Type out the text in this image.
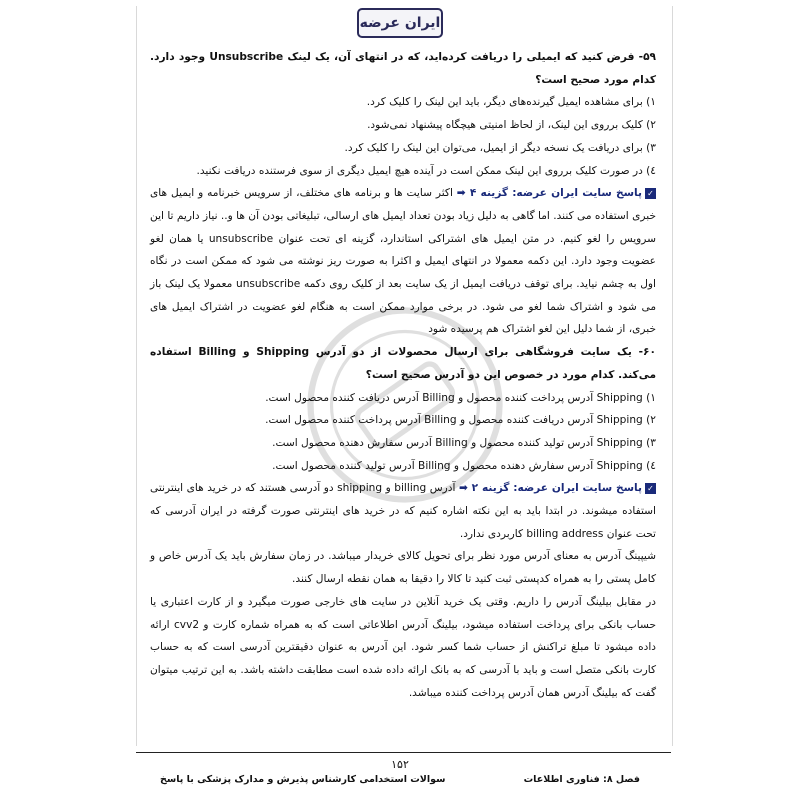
ایران عرضه

۵۹- فرض کنید که ایمیلی را دریافت کرده‌اید، که در انتهای آن، یک لینک Unsubscribe وجود دارد. کدام مورد صحیح است؟

۱) برای مشاهده ایمیل گیرنده‌های دیگر، باید این لینک را کلیک کرد.

۲) کلیک برروی این لینک، از لحاظ امنیتی هیچگاه پیشنهاد نمی‌شود.

۳) برای دریافت یک نسخه دیگر از ایمیل، می‌توان این لینک را کلیک کرد.

٤) در صورت کلیک برروی این لینک ممکن است در آینده هیچ ایمیل دیگری از سوی فرستنده دریافت نکنید.

✓پاسخ سایت ایران عرضه: گزینه ۴ ➡ اکثر سایت ها و برنامه های مختلف، از سرویس خبرنامه و ایمیل های خبری استفاده می کنند. اما گاهی به دلیل زیاد بودن تعداد ایمیل های ارسالی، تبلیغاتی بودن آن ها و.. نیاز داریم تا این سرویس را لغو کنیم. در متن ایمیل های اشتراکی استاندارد، گزینه ای تحت عنوان unsubscribe یا همان لغو عضویت وجود دارد. این دکمه معمولا در انتهای ایمیل و اکثرا به صورت ریز نوشته می شود که ممکن است در نگاه اول به چشم نیاید. برای توقف دریافت ایمیل از یک سایت بعد از کلیک روی دکمه unsubscribe معمولا یک لینک باز می شود و اشتراک شما لغو می شود. در برخی موارد ممکن است به هنگام لغو عضویت در اشتراک ایمیل های خبری، از شما دلیل این لغو اشتراک هم پرسیده شود

۶۰- یک سایت فروشگاهی برای ارسال محصولات از دو آدرس Shipping و Billing استفاده می‌کند. کدام مورد در خصوص این دو آدرس صحیح است؟

۱) Shipping آدرس پرداخت کننده محصول و Billing آدرس دریافت کننده محصول است.

۲) Shipping آدرس دریافت کننده محصول و Billing آدرس پرداخت کننده محصول است.

۳) Shipping آدرس تولید کننده محصول و Billing آدرس سفارش دهنده محصول است.

٤) Shipping آدرس سفارش دهنده محصول و Billing آدرس تولید کننده محصول است.

✓پاسخ سایت ایران عرضه: گزینه ۲ ➡ آدرس billing و shipping دو آدرسی هستند که در خرید های اینترنتی استفاده میشوند. در ابتدا باید به این نکته اشاره کنیم که در خرید های اینترنتی صورت گرفته در ایران آدرسی که تحت عنوان billing address کاربردی ندارد.

شیپینگ آدرس به معنای آدرس مورد نظر برای تحویل کالای خریدار میباشد. در زمان سفارش باید یک آدرس خاص و کامل پستی را به همراه کدپستی ثبت کنید تا کالا را دقیقا به همان نقطه ارسال کنند.

در مقابل بیلینگ آدرس را داریم. وقتی یک خرید آنلاین در سایت های خارجی صورت میگیرد و از کارت اعتباری یا حساب بانکی برای پرداخت استفاده میشود، بیلینگ آدرس اطلاعاتی است که به همراه شماره کارت و cvv2 ارائه داده میشود تا مبلغ تراکنش از حساب شما کسر شود. این آدرس به عنوان دقیقترین آدرسی است که به حساب کارت بانکی متصل است و باید با آدرسی که به بانک ارائه داده شده است مطابقت داشته باشد. به این ترتیب میتوان گفت که بیلینگ آدرس همان آدرس پرداخت کننده میباشد.

۱۵۲
فصل ۸: فناوری اطلاعات
سوالات استخدامی کارشناس پذیرش و مدارک پزشکی با پاسخ
